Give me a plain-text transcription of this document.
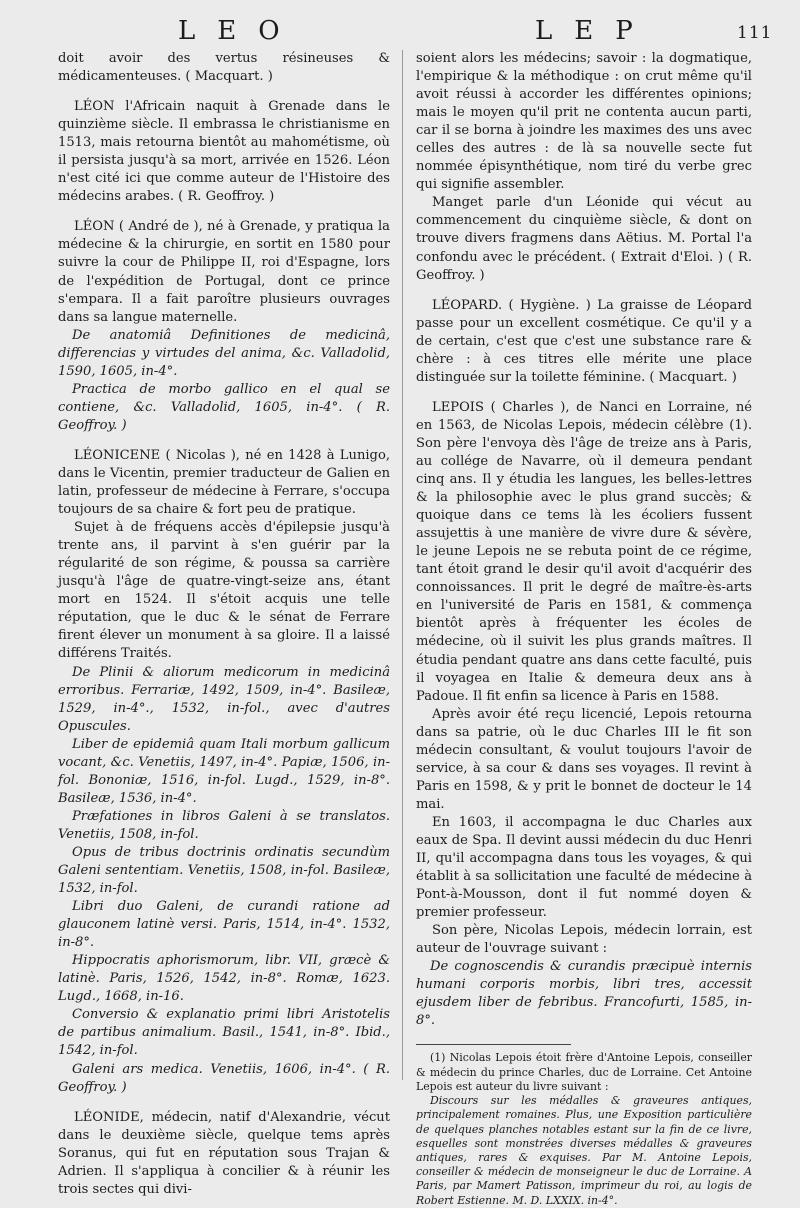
LEO	LEP	111

doit avoir des vertus résineuses & médicamenteuses. ( Macquart. )

LÉON l'Africain naquit à Grenade dans le quinzième siècle. Il embrassa le christianisme en 1513, mais retourna bientôt au mahométisme, où il persista jusqu'à sa mort, arrivée en 1526. Léon n'est cité ici que comme auteur de l'Histoire des médecins arabes. ( R. Geoffroy. )

LÉON ( André de ), né à Grenade, y pratiqua la médecine & la chirurgie, en sortit en 1580 pour suivre la cour de Philippe II, roi d'Espagne, lors de l'expédition de Portugal, dont ce prince s'empara. Il a fait paroître plusieurs ouvrages dans sa langue maternelle.

De anatomiâ Definitiones de medicinâ, differencias y virtudes del anima, &c. Valladolid, 1590, 1605, in-4°.

Practica de morbo gallico en el qual se contiene, &c. Valladolid, 1605, in-4°. ( R. Geoffroy. )

LÉONICENE ( Nicolas ), né en 1428 à Lunigo, dans le Vicentin, premier traducteur de Galien en latin, professeur de médecine à Ferrare, s'occupa toujours de sa chaire & fort peu de pratique.

Sujet à de fréquens accès d'épilepsie jusqu'à trente ans, il parvint à s'en guérir par la régularité de son régime, & poussa sa carrière jusqu'à l'âge de quatre-vingt-seize ans, étant mort en 1524. Il s'étoit acquis une telle réputation, que le duc & le sénat de Ferrare firent élever un monument à sa gloire. Il a laissé différens Traités.

De Plinii & aliorum medicorum in medicinâ erroribus. Ferrariæ, 1492, 1509, in-4°. Basileæ, 1529, in-4°., 1532, in-fol., avec d'autres Opuscules.

Liber de epidemiâ quam Itali morbum gallicum vocant, &c. Venetiis, 1497, in-4°. Papiæ, 1506, in-fol. Bononiæ, 1516, in-fol. Lugd., 1529, in-8°. Basileæ, 1536, in-4°.

Præfationes in libros Galeni à se translatos. Venetiis, 1508, in-fol.

Opus de tribus doctrinis ordinatis secundùm Galeni sententiam. Venetiis, 1508, in-fol. Basileæ, 1532, in-fol.

Libri duo Galeni, de curandi ratione ad glauconem latinè versi. Paris, 1514, in-4°. 1532, in-8°.

Hippocratis aphorismorum, libr. VII, græcè & latinè. Paris, 1526, 1542, in-8°. Romæ, 1623. Lugd., 1668, in-16.

Conversio & explanatio primi libri Aristotelis de partibus animalium. Basil., 1541, in-8°. Ibid., 1542, in-fol.

Galeni ars medica. Venetiis, 1606, in-4°. ( R. Geoffroy. )

LÉONIDE, médecin, natif d'Alexandrie, vécut dans le deuxième siècle, quelque tems après Soranus, qui fut en réputation sous Trajan & Adrien. Il s'appliqua à concilier & à réunir les trois sectes qui divi-

soient alors les médecins; savoir : la dogmatique, l'empirique & la méthodique : on crut même qu'il avoit réussi à accorder les différentes opinions; mais le moyen qu'il prit ne contenta aucun parti, car il se borna à joindre les maximes des uns avec celles des autres : de là sa nouvelle secte fut nommée épisynthétique, nom tiré du verbe grec qui signifie assembler.

Manget parle d'un Léonide qui vécut au commencement du cinquième siècle, & dont on trouve divers fragmens dans Aëtius. M. Portal l'a confondu avec le précédent. ( Extrait d'Eloi. ) ( R. Geoffroy. )

LÉOPARD. ( Hygiène. ) La graisse de Léopard passe pour un excellent cosmétique. Ce qu'il y a de certain, c'est que c'est une substance rare & chère : à ces titres elle mérite une place distinguée sur la toilette féminine. ( Macquart. )

LEPOIS ( Charles ), de Nanci en Lorraine, né en 1563, de Nicolas Lepois, médecin célèbre (1). Son père l'envoya dès l'âge de treize ans à Paris, au collége de Navarre, où il demeura pendant cinq ans. Il y étudia les langues, les belles-lettres & la philosophie avec le plus grand succès; & quoique dans ce tems là les écoliers fussent assujettis à une manière de vivre dure & sévère, le jeune Lepois ne se rebuta point de ce régime, tant étoit grand le desir qu'il avoit d'acquérir des connoissances. Il prit le degré de maître-ès-arts en l'université de Paris en 1581, & commença bientôt après à fréquenter les écoles de médecine, où il suivit les plus grands maîtres. Il étudia pendant quatre ans dans cette faculté, puis il voyagea en Italie & demeura deux ans à Padoue. Il fit enfin sa licence à Paris en 1588.

Après avoir été reçu licencié, Lepois retourna dans sa patrie, où le duc Charles III le fit son médecin consultant, & voulut toujours l'avoir de service, à sa cour & dans ses voyages. Il revint à Paris en 1598, & y prit le bonnet de docteur le 14 mai.

En 1603, il accompagna le duc Charles aux eaux de Spa. Il devint aussi médecin du duc Henri II, qu'il accompagna dans tous les voyages, & qui établit à sa sollicitation une faculté de médecine à Pont-à-Mousson, dont il fut nommé doyen & premier professeur.

Son père, Nicolas Lepois, médecin lorrain, est auteur de l'ouvrage suivant :

De cognoscendis & curandis præcipuè internis humani corporis morbis, libri tres, accessit ejusdem liber de febribus. Francofurti, 1585, in-8°.

(1) Nicolas Lepois étoit frère d'Antoine Lepois, conseiller & médecin du prince Charles, duc de Lorraine. Cet Antoine Lepois est auteur du livre suivant :

Discours sur les médalles & graveures antiques, principalement romaines. Plus, une Exposition particulière de quelques planches notables estant sur la fin de ce livre, esquelles sont monstrées diverses médalles & graveures antiques, rares & exquises. Par M. Antoine Lepois, conseiller & médecin de monseigneur le duc de Lorraine. A Paris, par Mamert Patisson, imprimeur du roi, au logis de Robert Estienne. M. D. LXXIX. in-4°.
